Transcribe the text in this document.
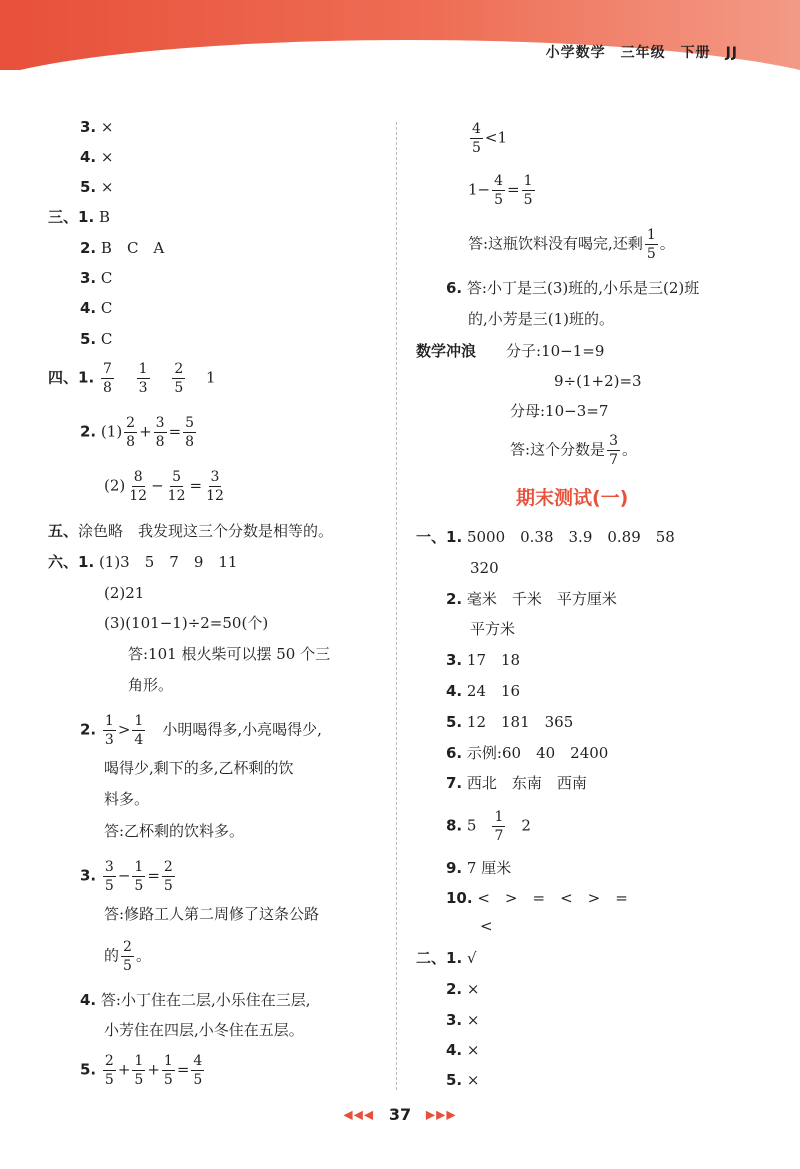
小学数学　三年级　下册　JJ
3. ×
4. ×
5. ×
三、1. B
2. B　C　A
3. C
4. C
5. C
四、1. $\frac{7}{8}$
$\frac{1}{3}$
$\frac{2}{5} 1$
2. $(1) \frac{2}{8} + \frac{3}{8} = \frac{5}{8}$
$(2) \frac{8}{12} - \frac{5}{12} = \frac{3}{12}$
五、涂色略　我发现这三个分数是相等的。
六、1. (1)3　5　7　9　11
(2)21
(3)(101−1)÷2=50(个)
答:101 根火柴可以摆 50 个三
角形。
2. $\frac{1}{3} > \frac{1}{4}$
　 小明喝得多,小亮喝得少,
喝得少,剩下的多,乙杯剩的饮
料多。
答:乙杯剩的饮料多。
3. $\frac{3}{5} - \frac{1}{5} = \frac{2}{5}$
答:修路工人第二周修了这条公路
的 $\frac{2}{5}$ 。
4. 答:小丁住在二层,小乐住在三层,
小芳住在四层,小冬住在五层。
5. $\frac{2}{5} + \frac{1}{5} + \frac{1}{5} = \frac{4}{5}$
$\frac{4}{5} <1$
$1- \frac{4}{5} = \frac{1}{5}$
答:这瓶饮料没有喝完,还剩 $\frac{1}{5}$ 。
6. 答:小丁是三(3)班的,小乐是三(2)班
的,小芳是三(1)班的。
数学冲浪　　 分子:10−1=9
9÷(1+2)=3
分母:10−3=7
答:这个分数是 $\frac{3}{7}$ 。
期末测试(一)
一、1. 5000　0.38　3.9　0.89　58
320
2. 毫米　千米　平方厘米
平方米
3. 17　18
4. 24　16
5. 12　181　365
6. 示例:60　40　2400
7. 西北　东南　西南
8. $5 \frac{1}{7} 2$
9. 7 厘米
10. <　>　=　<　>　=
<
二、1. √
2. ×
3. ×
4. ×
5. ×
◀◀◀ 37 ▶▶▶
